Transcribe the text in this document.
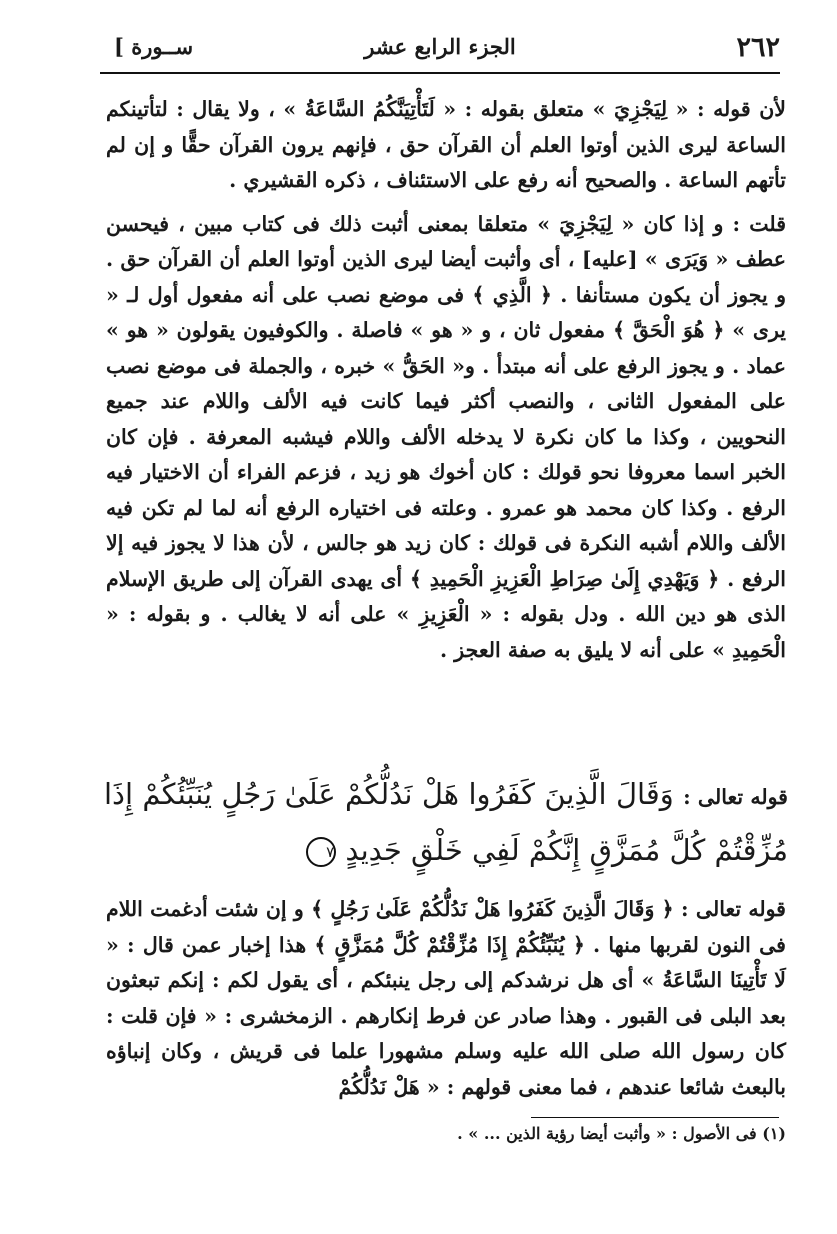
٢٦٢
الجزء الرابع عشر
[ ســورة

لأن قوله : « لِيَجْزِيَ » متعلق بقوله : « لَتَأْتِيَنَّكُمُ السَّاعَةُ » ، ولا يقال : لتأتينكم الساعة ليرى الذين أوتوا العلم أن القرآن حق ، فإنهم يرون القرآن حقًّا و إن لم تأتهم الساعة . والصحيح أنه رفع على الاستئناف ، ذكره القشيري .

قلت : و إذا كان « لِيَجْزِيَ » متعلقا بمعنى أثبت ذلك فى كتاب مبين ، فيحسن عطف « وَيَرَى » [عليه] ، أى وأثبت أيضا ليرى الذين أوتوا العلم أن القرآن حق . و يجوز أن يكون مستأنفا . ﴿ الَّذِي ﴾ فى موضع نصب على أنه مفعول أول لـ « يرى » ﴿ هُوَ الْحَقَّ ﴾ مفعول ثان ، و « هو » فاصلة . والكوفيون يقولون « هو » عماد . و يجوز الرفع على أنه مبتدأ . و« الحَقُّ » خبره ، والجملة فى موضع نصب على المفعول الثانى ، والنصب أكثر فيما كانت فيه الألف واللام عند جميع النحويين ، وكذا ما كان نكرة لا يدخله الألف واللام فيشبه المعرفة . فإن كان الخبر اسما معروفا نحو قولك : كان أخوك هو زيد ، فزعم الفراء أن الاختيار فيه الرفع . وكذا كان محمد هو عمرو . وعلته فى اختياره الرفع أنه لما لم تكن فيه الألف واللام أشبه النكرة فى قولك : كان زيد هو جالس ، لأن هذا لا يجوز فيه إلا الرفع . ﴿ وَيَهْدِي إِلَىٰ صِرَاطِ الْعَزِيزِ الْحَمِيدِ ﴾ أى يهدى القرآن إلى طريق الإسلام الذى هو دين الله . ودل بقوله : « الْعَزِيزِ » على أنه لا يغالب . و بقوله : « الْحَمِيدِ » على أنه لا يليق به صفة العجز .

قوله تعالى : وَقَالَ الَّذِينَ كَفَرُوا هَلْ نَدُلُّكُمْ عَلَىٰ رَجُلٍ يُنَبِّئُكُمْ إِذَا مُزِّقْتُمْ كُلَّ مُمَزَّقٍ إِنَّكُمْ لَفِي خَلْقٍ جَدِيدٍ ٧

قوله تعالى : ﴿ وَقَالَ الَّذِينَ كَفَرُوا هَلْ نَدُلُّكُمْ عَلَىٰ رَجُلٍ ﴾ و إن شئت أدغمت اللام فى النون لقربها منها . ﴿ يُنَبِّئُكُمْ إِذَا مُزِّقْتُمْ كُلَّ مُمَزَّقٍ ﴾ هذا إخبار عمن قال : « لَا تَأْتِينَا السَّاعَةُ » أى هل نرشدكم إلى رجل ينبئكم ، أى يقول لكم : إنكم تبعثون بعد البلى فى القبور . وهذا صادر عن فرط إنكارهم . الزمخشرى : « فإن قلت : كان رسول الله صلى الله عليه وسلم مشهورا علما فى قريش ، وكان إنباؤه بالبعث شائعا عندهم ، فما معنى قولهم : « هَلْ نَدُلُّكُمْ

(١) فى الأصول : « وأثبت أيضا رؤية الذين ... » .
